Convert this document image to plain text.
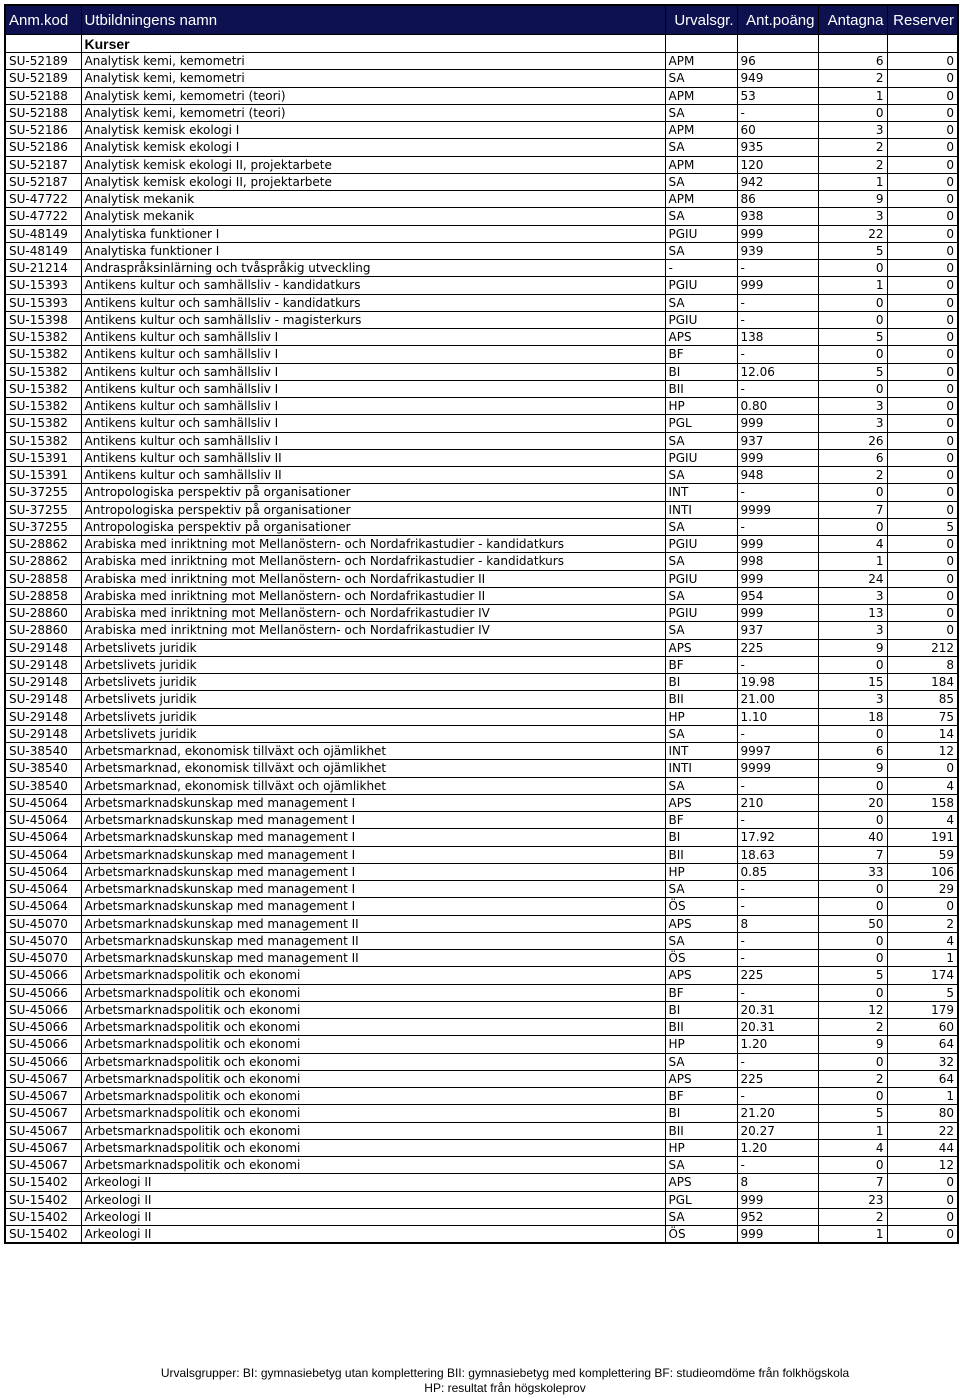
Anm.kod	Utbildningens namn	Urvalsgr.	Ant.poäng	Antagna	Reserver
	Kurser				
SU-52189	Analytisk kemi, kemometri	APM	96	6	0
SU-52189	Analytisk kemi, kemometri	SA	949	2	0
SU-52188	Analytisk kemi, kemometri (teori)	APM	53	1	0
SU-52188	Analytisk kemi, kemometri (teori)	SA	-	0	0
SU-52186	Analytisk kemisk ekologi I	APM	60	3	0
SU-52186	Analytisk kemisk ekologi I	SA	935	2	0
SU-52187	Analytisk kemisk ekologi II, projektarbete	APM	120	2	0
SU-52187	Analytisk kemisk ekologi II, projektarbete	SA	942	1	0
SU-47722	Analytisk mekanik	APM	86	9	0
SU-47722	Analytisk mekanik	SA	938	3	0
SU-48149	Analytiska funktioner I	PGIU	999	22	0
SU-48149	Analytiska funktioner I	SA	939	5	0
SU-21214	Andraspråksinlärning och tvåspråkig utveckling	-	-	0	0
SU-15393	Antikens kultur och samhällsliv - kandidatkurs	PGIU	999	1	0
SU-15393	Antikens kultur och samhällsliv - kandidatkurs	SA	-	0	0
SU-15398	Antikens kultur och samhällsliv - magisterkurs	PGIU	-	0	0
SU-15382	Antikens kultur och samhällsliv I	APS	138	5	0
SU-15382	Antikens kultur och samhällsliv I	BF	-	0	0
SU-15382	Antikens kultur och samhällsliv I	BI	12.06	5	0
SU-15382	Antikens kultur och samhällsliv I	BII	-	0	0
SU-15382	Antikens kultur och samhällsliv I	HP	0.80	3	0
SU-15382	Antikens kultur och samhällsliv I	PGL	999	3	0
SU-15382	Antikens kultur och samhällsliv I	SA	937	26	0
SU-15391	Antikens kultur och samhällsliv II	PGIU	999	6	0
SU-15391	Antikens kultur och samhällsliv II	SA	948	2	0
SU-37255	Antropologiska perspektiv på organisationer	INT	-	0	0
SU-37255	Antropologiska perspektiv på organisationer	INTI	9999	7	0
SU-37255	Antropologiska perspektiv på organisationer	SA	-	0	5
SU-28862	Arabiska med inriktning mot Mellanöstern- och Nordafrikastudier - kandidatkurs	PGIU	999	4	0
SU-28862	Arabiska med inriktning mot Mellanöstern- och Nordafrikastudier - kandidatkurs	SA	998	1	0
SU-28858	Arabiska med inriktning mot Mellanöstern- och Nordafrikastudier II	PGIU	999	24	0
SU-28858	Arabiska med inriktning mot Mellanöstern- och Nordafrikastudier II	SA	954	3	0
SU-28860	Arabiska med inriktning mot Mellanöstern- och Nordafrikastudier IV	PGIU	999	13	0
SU-28860	Arabiska med inriktning mot Mellanöstern- och Nordafrikastudier IV	SA	937	3	0
SU-29148	Arbetslivets juridik	APS	225	9	212
SU-29148	Arbetslivets juridik	BF	-	0	8
SU-29148	Arbetslivets juridik	BI	19.98	15	184
SU-29148	Arbetslivets juridik	BII	21.00	3	85
SU-29148	Arbetslivets juridik	HP	1.10	18	75
SU-29148	Arbetslivets juridik	SA	-	0	14
SU-38540	Arbetsmarknad, ekonomisk tillväxt och ojämlikhet	INT	9997	6	12
SU-38540	Arbetsmarknad, ekonomisk tillväxt och ojämlikhet	INTI	9999	9	0
SU-38540	Arbetsmarknad, ekonomisk tillväxt och ojämlikhet	SA	-	0	4
SU-45064	Arbetsmarknadskunskap med management I	APS	210	20	158
SU-45064	Arbetsmarknadskunskap med management I	BF	-	0	4
SU-45064	Arbetsmarknadskunskap med management I	BI	17.92	40	191
SU-45064	Arbetsmarknadskunskap med management I	BII	18.63	7	59
SU-45064	Arbetsmarknadskunskap med management I	HP	0.85	33	106
SU-45064	Arbetsmarknadskunskap med management I	SA	-	0	29
SU-45064	Arbetsmarknadskunskap med management I	ÖS	-	0	0
SU-45070	Arbetsmarknadskunskap med management II	APS	8	50	2
SU-45070	Arbetsmarknadskunskap med management II	SA	-	0	4
SU-45070	Arbetsmarknadskunskap med management II	ÖS	-	0	1
SU-45066	Arbetsmarknadspolitik och ekonomi	APS	225	5	174
SU-45066	Arbetsmarknadspolitik och ekonomi	BF	-	0	5
SU-45066	Arbetsmarknadspolitik och ekonomi	BI	20.31	12	179
SU-45066	Arbetsmarknadspolitik och ekonomi	BII	20.31	2	60
SU-45066	Arbetsmarknadspolitik och ekonomi	HP	1.20	9	64
SU-45066	Arbetsmarknadspolitik och ekonomi	SA	-	0	32
SU-45067	Arbetsmarknadspolitik och ekonomi	APS	225	2	64
SU-45067	Arbetsmarknadspolitik och ekonomi	BF	-	0	1
SU-45067	Arbetsmarknadspolitik och ekonomi	BI	21.20	5	80
SU-45067	Arbetsmarknadspolitik och ekonomi	BII	20.27	1	22
SU-45067	Arbetsmarknadspolitik och ekonomi	HP	1.20	4	44
SU-45067	Arbetsmarknadspolitik och ekonomi	SA	-	0	12
SU-15402	Arkeologi II	APS	8	7	0
SU-15402	Arkeologi II	PGL	999	23	0
SU-15402	Arkeologi II	SA	952	2	0
SU-15402	Arkeologi II	ÖS	999	1	0
Urvalsgrupper: BI: gymnasiebetyg utan komplettering BII: gymnasiebetyg med komplettering BF: studieomdöme från folkhögskola
HP: resultat från högskoleprov
